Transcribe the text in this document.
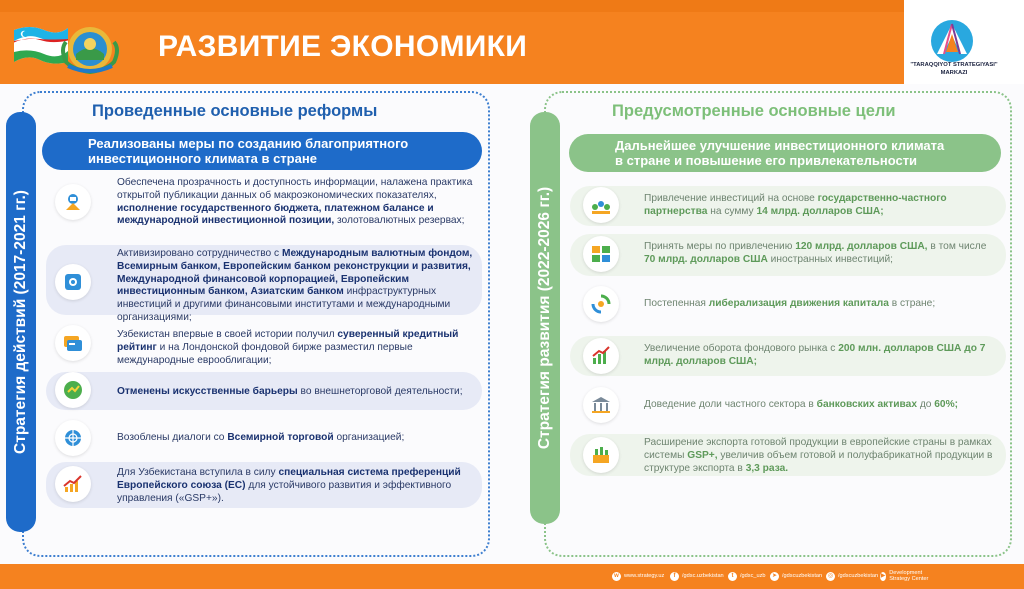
РАЗВИТИЕ ЭКОНОМИКИ
"TARAQQIYOT STRATEGIYASI"
MARKAZI
Стратегия действий (2017-2021 гг.)	Стратегия развития (2022-2026 гг.)
Проведенные основные реформы	Предусмотренные основные цели
Реализованы меры по созданию благоприятного
инвестиционного климата в стране
Дальнейшее улучшение инвестиционного климата
в стране и повышение его привлекательности
Обеспечена прозрачность и доступность информации, налажена практика открытой публикации данных об макроэкономических показателях, исполнение государственного бюджета, платежном балансе и международной инвестиционной позиции, золотовалютных резервах;
Активизировано сотрудничество с Международным валютным фондом, Всемирным банком, Европейским банком реконструкции и развития, Международной финансовой корпорацией, Европейским инвестиционным банком, Азиатским банком инфраструктурных инвестиций и другими финансовыми институтами и международными организациями;
Узбекистан впервые в своей истории получил суверенный кредитный рейтинг и на Лондонской фондовой бирже разместил первые международные еврооблигации;
Отменены искусственные барьеры во внешнеторговой деятельности;
Возоблены диалоги со Всемирной торговой организацией;
Для Узбекистана вступила в силу специальная система преференций Европейского союза (ЕС) для устойчивого развития и эффективного управления («GSP+»).
Привлечение инвестиций на основе государственно-частного партнерства на сумму 14 млрд. долларов США;
Принять меры по привлечению 120 млрд. долларов США, в том числе 70 млрд. долларов США иностранных инвестиций;
Постепенная либерализация движения капитала в стране;
Увеличение оборота фондового рынка с 200 млн. долларов США до 7 млрд. долларов США;
Доведение доли частного сектора в банковских активах до 60%;
Расширение экспорта готовой продукции в европейские страны в рамках системы GSP+, увеличив объем готовой и полуфабрикатной продукции в структуре экспорта в 3,3 раза.
w www.strategy.uz	f	/gdsc.uzbekistan	t	/gdsc_uzb	➤ /gdscuzbekistan ◎ /gdscuzbekistan ▶ Development Strategy Center
